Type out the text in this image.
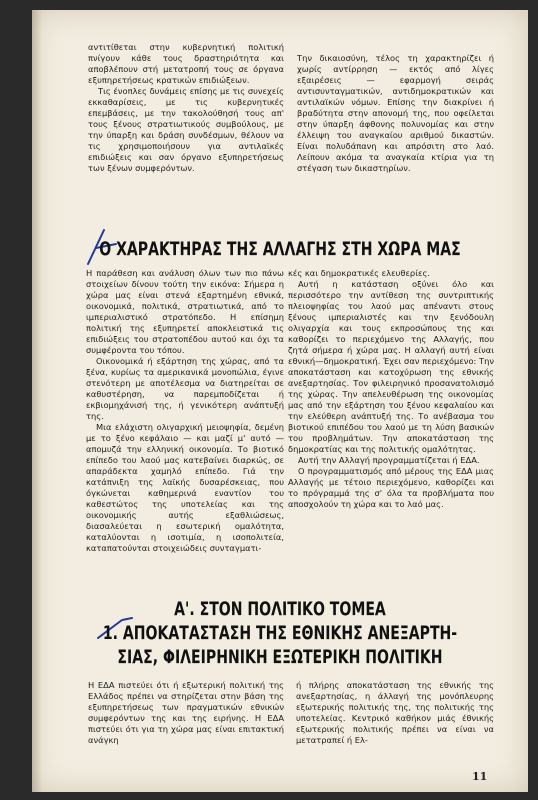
αντιτίθεται στην κυβερνητική πολιτική πνίγουν κάθε τους δραστηριότητα και αποβλέπουν στή μετατροπή τους σε όργανα εξυπηρετήσεως κρατικών επιδιώξεων.

Τις ένοπλες δυνάμεις επίσης με τις συνεχείς εκκαθαρίσεις, με τις κυβερνητικές επεμβάσεις, με την τακολούθησή τους απ' τους ξένους στρατιωτικούς συμβούλους, με την ύπαρξη και δράση συνδέσμων, θέλουν να τις χρησιμοποιήσουν για αντιλαϊκές επιδιώξεις και σαν όργανο εξυπηρετήσεως των ξένων συμφερόντων.

Την δικαιοσύνη, τέλος τη χαρακτηρίζει ή χωρίς αντίρρηση — εκτός από λίγες εξαιρέσεις — εφαρμογή σειράς αντισυνταγματικών, αντιδημοκρατικών και αντιλαϊκών νόμων. Επίσης την διακρίνει ή βραδύτητα στην απονομή της, που οφείλεται στην ύπαρξη άφθονης πολυνομίας και στην έλλειψη του αναγκαίου αριθμού δικαστών. Είναι πολυδάπανη και απρόσιτη στο λαό. Λείπουν ακόμα τα αναγκαία κτίρια για τη στέγαση των δικαστηρίων.

Ο ΧΑΡΑΚΤΗΡΑΣ ΤΗΣ ΑΛΛΑΓΗΣ ΣΤΗ ΧΩΡΑ ΜΑΣ

Η παράθεση και ανάλυση όλων των πιο πάνω στοιχείων δίνουν τούτη την εικόνα: Σήμερα η χώρα μας είναι στενά εξαρτημένη εθνικά, οικονομικά, πολιτικά, στρατιωτικά, από το ιμπεριαλιστικό στρατόπεδο. Η επίσημη πολιτική της εξυπηρετεί αποκλειστικά τις επιδιώξεις του στρατοπέδου αυτού και όχι τα συμφέροντα του τόπου.

Οικονομικά ή εξάρτηση της χώρας, από τα ξένα, κυρίως τα αμερικανικά μονοπώλια, έγινε στενότερη με αποτέλεσμα να διατηρείται σε καθυστέρηση, να παρεμποδίζεται ή εκβιομηχάνισή της, ή γενικότερη ανάπτυξή της.

Μια ελάχιστη ολιγαρχική μειοψηφία, δεμένη με το ξένο κεφάλαιο — και μαζί μ' αυτό — απομυζά την ελληνική οικονομία. Το βιοτικό επίπεδο του λαού μας κατεβαίνει διαρκώς, σε απαράδεκτα χαμηλό επίπεδο. Γιά την κατάπνιξη της λαϊκής δυσαρέσκειας, που όγκώνεται καθημερινά εναντίον του καθεστώτος της υποτελείας και της οικονομικής αυτής εξαθλιώσεως, διασαλεύεται η εσωτερική ομαλότητα, καταλύονται η ισοτιμία, η ισοπολιτεία, καταπατούνται στοιχειώδεις συνταγματι-

κές και δημοκρατικές ελευθερίες.

Αυτή η κατάσταση οξύνει όλο και περισσότερο την αντίθεση της συντριπτικής πλειοψηφίας του λαού μας απέναντι στους ξένους ιμπεριαλιστές και την ξενόδουλη ολιγαρχία και τους εκπροσώπους της και καθορίζει το περιεχόμενο της Αλλαγής, που ζητά σήμερα ή χώρα μας. Η αλλαγή αυτή είναι εθνική—δημοκρατική. Έχει σαν περιεχόμενο: Την αποκατάσταση και κατοχύρωση της εθνικής ανεξαρτησίας. Τον φιλειρηνικό προσανατολισμό της χώρας. Την απελευθέρωση της οικονομίας μας από την εξάρτηση του ξένου κεφαλαίου και την ελεύθερη ανάπτυξή της. Το ανέβασμα του βιοτικού επιπέδου του λαού με τη λύση βασικών του προβλημάτων. Την αποκατάσταση της δημοκρατίας και της πολιτικής ομαλότητας.

Αυτή την Αλλαγή προγραμματίζεται ή ΕΔΑ.

Ο προγραμματισμός από μέρους της ΕΔΑ μιας Αλλαγής με τέτοιο περιεχόμενο, καθορίζει και το πρόγραμμά της σ' όλα τα προβλήματα που αποσχολούν τη χώρα και το λαό μας.

Α'. ΣΤΟΝ ΠΟΛΙΤΙΚΟ ΤΟΜΕΑ
1. ΑΠΟΚΑΤΑΣΤΑΣΗ ΤΗΣ ΕΘΝΙΚΗΣ ΑΝΕΞΑΡΤΗ-
ΣΙΑΣ, ΦΙΛΕΙΡΗΝΙΚΗ ΕΞΩΤΕΡΙΚΗ ΠΟΛΙΤΙΚΗ

Η ΕΔΑ πιστεύει ότι ή εξωτερική πολιτική της Ελλάδος πρέπει να στηρίζεται στην βάση της εξυπηρετήσεως των πραγματικών εθνικών συμφερόντων της και της ειρήνης. Η ΕΔΑ πιστεύει ότι για τη χώρα μας είναι επιτακτική ανάγκη

ή πλήρης αποκατάσταση της εθνικής της ανεξαρτησίας, η άλλαγή της μονόπλευρης εξωτερικής πολιτικής της, της πολιτικής της υποτελείας. Κεντρικό καθήκον μιάς έθνικής εξωτερικής πολιτικής πρέπει να είναι να μετατραπεί ή Ελ-

11
